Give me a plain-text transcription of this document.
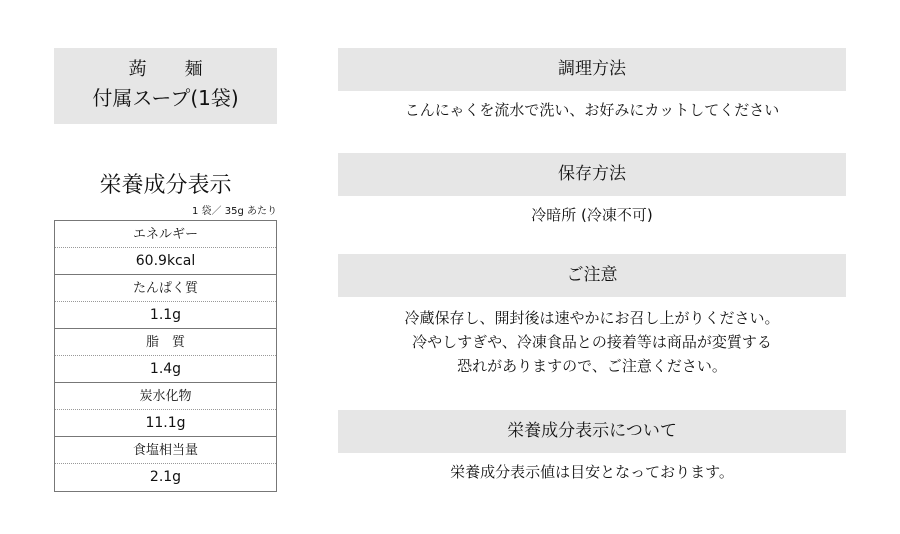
蒟　麺
付属スープ(1袋)
栄養成分表示
1 袋／ 35g あたり
エネルギー
60.9kcal
たんぱく質
1.1g
脂　質
1.4g
炭水化物
11.1g
食塩相当量
2.1g
調理方法
こんにゃくを流水で洗い、お好みにカットしてください
保存方法
冷暗所 (冷凍不可)
ご注意
冷蔵保存し、開封後は速やかにお召し上がりください。
冷やしすぎや、冷凍食品との接着等は商品が変質する
恐れがありますので、ご注意ください。
栄養成分表示について
栄養成分表示値は目安となっております。
